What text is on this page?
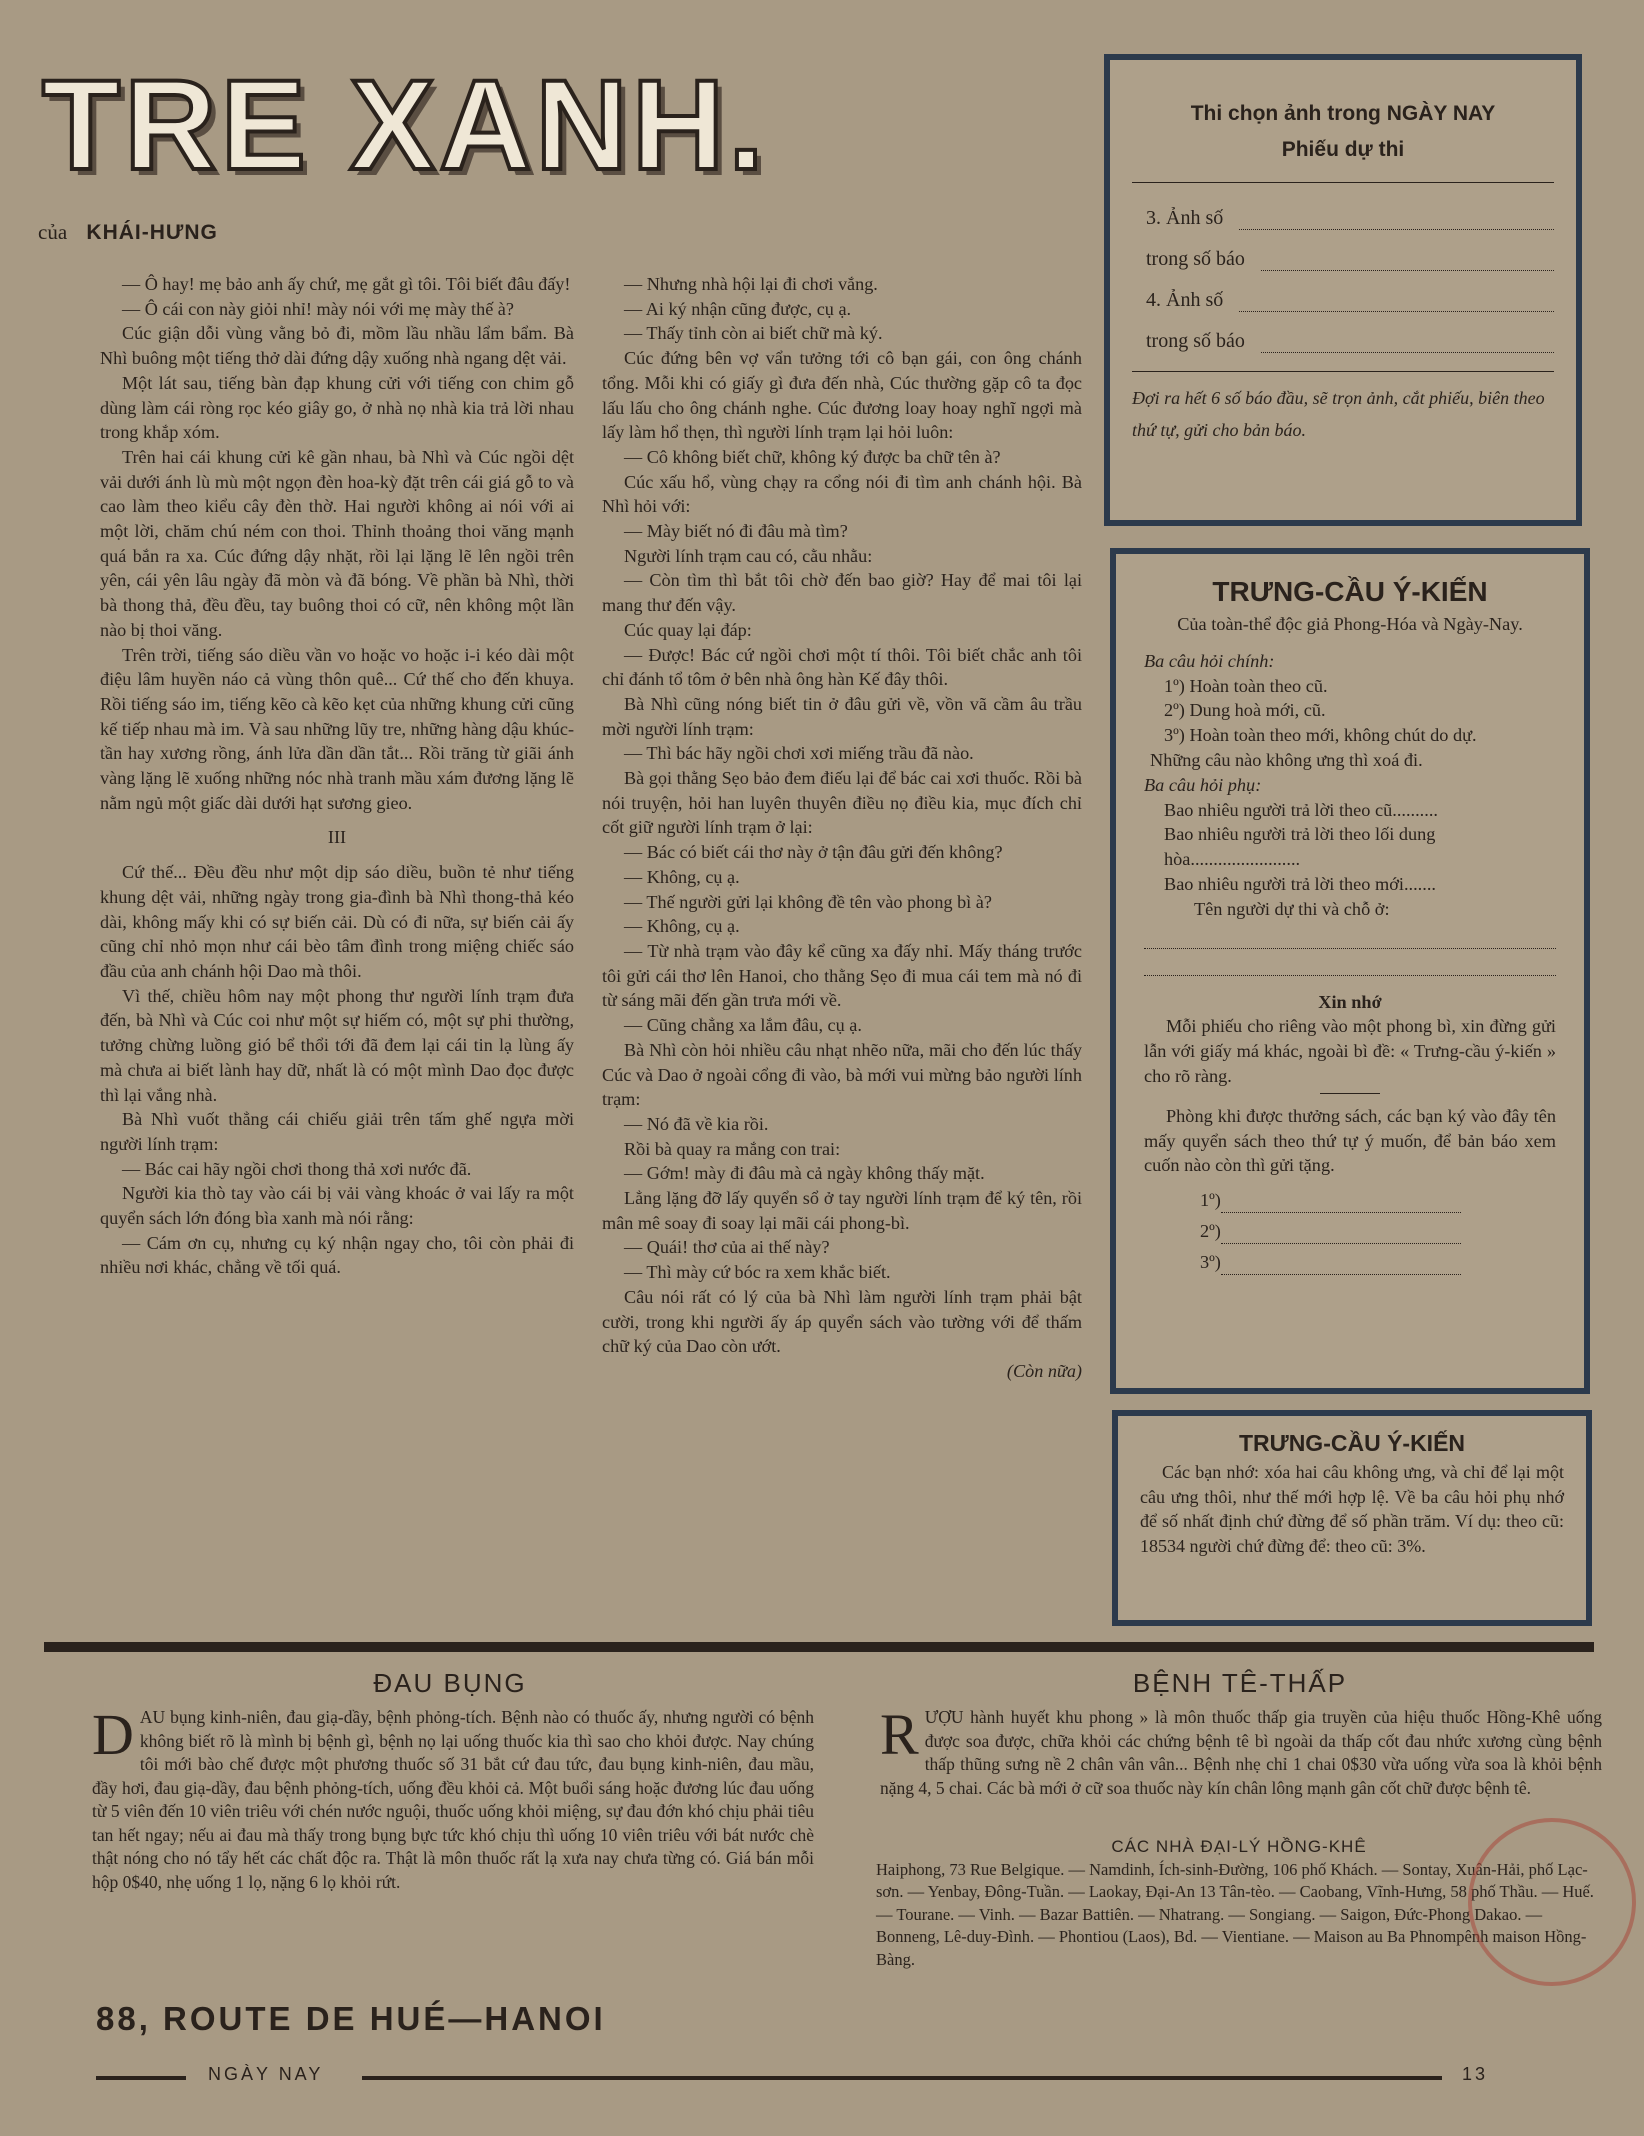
TRE XANH.
của KHÁI-HƯNG

— Ô hay! mẹ bảo anh ấy chứ, mẹ gắt gì tôi. Tôi biết đâu đấy!

— Ô cái con này giỏi nhỉ! mày nói với mẹ mày thế à?

Cúc giận dỗi vùng vằng bỏ đi, mồm lầu nhầu lẩm bẩm. Bà Nhì buông một tiếng thở dài đứng dậy xuống nhà ngang dệt vải.

Một lát sau, tiếng bàn đạp khung cửi với tiếng con chim gỗ dùng làm cái ròng rọc kéo giây go, ở nhà nọ nhà kia trả lời nhau trong khắp xóm.

Trên hai cái khung cửi kê gần nhau, bà Nhì và Cúc ngồi dệt vải dưới ánh lù mù một ngọn đèn hoa-kỳ đặt trên cái giá gỗ to và cao làm theo kiểu cây đèn thờ. Hai người không ai nói với ai một lời, chăm chú ném con thoi. Thỉnh thoảng thoi văng mạnh quá bắn ra xa. Cúc đứng dậy nhặt, rồi lại lặng lẽ lên ngồi trên yên, cái yên lâu ngày đã mòn và đã bóng. Về phần bà Nhì, thời bà thong thả, đều đều, tay buông thoi có cữ, nên không một lần nào bị thoi văng.

Trên trời, tiếng sáo diều vần vo hoặc vo hoặc i-i kéo dài một điệu lâm huyền náo cả vùng thôn quê... Cứ thế cho đến khuya. Rồi tiếng sáo im, tiếng kẽo cà kẽo kẹt của những khung cửi cũng kế tiếp nhau mà im. Và sau những lũy tre, những hàng dậu khúc-tần hay xương rồng, ánh lửa dần dần tắt... Rồi trăng từ giãi ánh vàng lặng lẽ xuống những nóc nhà tranh mầu xám đương lặng lẽ nằm ngủ một giấc dài dưới hạt sương gieo.

III

Cứ thế... Đều đều như một dịp sáo diều, buồn tẻ như tiếng khung dệt vải, những ngày trong gia-đình bà Nhì thong-thả kéo dài, không mấy khi có sự biến cải. Dù có đi nữa, sự biến cải ấy cũng chỉ nhỏ mọn như cái bèo tâm đình trong miệng chiếc sáo đầu của anh chánh hội Dao mà thôi.

Vì thế, chiều hôm nay một phong thư người lính trạm đưa đến, bà Nhì và Cúc coi như một sự hiếm có, một sự phi thường, tưởng chừng luồng gió bể thổi tới đã đem lại cái tin lạ lùng ấy mà chưa ai biết lành hay dữ, nhất là có một mình Dao đọc được thì lại vắng nhà.

Bà Nhì vuốt thẳng cái chiếu giải trên tấm ghế ngựa mời người lính trạm:

— Bác cai hãy ngồi chơi thong thả xơi nước đã.

Người kia thò tay vào cái bị vải vàng khoác ở vai lấy ra một quyển sách lớn đóng bìa xanh mà nói rằng:

— Cám ơn cụ, nhưng cụ ký nhận ngay cho, tôi còn phải đi nhiều nơi khác, chẳng về tối quá.

— Nhưng nhà hội lại đi chơi vắng.

— Ai ký nhận cũng được, cụ ạ.

— Thấy tỉnh còn ai biết chữ mà ký.

Cúc đứng bên vợ vẩn tưởng tới cô bạn gái, con ông chánh tổng. Mỗi khi có giấy gì đưa đến nhà, Cúc thường gặp cô ta đọc lấu lấu cho ông chánh nghe. Cúc đương loay hoay nghĩ ngợi mà lấy làm hổ thẹn, thì người lính trạm lại hỏi luôn:

— Cô không biết chữ, không ký được ba chữ tên à?

Cúc xấu hổ, vùng chạy ra cổng nói đi tìm anh chánh hội. Bà Nhì hỏi với:

— Mày biết nó đi đâu mà tìm?

Người lính trạm cau có, cằu nhằu:

— Còn tìm thì bắt tôi chờ đến bao giờ? Hay để mai tôi lại mang thư đến vậy.

Cúc quay lại đáp:

— Được! Bác cứ ngồi chơi một tí thôi. Tôi biết chắc anh tôi chỉ đánh tổ tôm ở bên nhà ông hàn Kế đây thôi.

Bà Nhì cũng nóng biết tin ở đâu gửi về, vồn vã cầm âu trầu mời người lính trạm:

— Thì bác hãy ngồi chơi xơi miếng trầu đã nào.

Bà gọi thằng Sẹo bảo đem điếu lại để bác cai xơi thuốc. Rồi bà nói truyện, hỏi han luyên thuyên điều nọ điều kia, mục đích chỉ cốt giữ người lính trạm ở lại:

— Bác có biết cái thơ này ở tận đâu gửi đến không?

— Không, cụ ạ.

— Thế người gửi lại không đề tên vào phong bì à?

— Không, cụ ạ.

— Từ nhà trạm vào đây kể cũng xa đấy nhỉ. Mấy tháng trước tôi gửi cái thơ lên Hanoi, cho thằng Sẹo đi mua cái tem mà nó đi từ sáng mãi đến gần trưa mới về.

— Cũng chẳng xa lắm đâu, cụ ạ.

Bà Nhì còn hỏi nhiều câu nhạt nhẽo nữa, mãi cho đến lúc thấy Cúc và Dao ở ngoài cổng đi vào, bà mới vui mừng bảo người lính trạm:

— Nó đã về kia rồi.

Rồi bà quay ra mắng con trai:

— Gớm! mày đi đâu mà cả ngày không thấy mặt.

Lẳng lặng đỡ lấy quyển sổ ở tay người lính trạm để ký tên, rồi mân mê soay đi soay lại mãi cái phong-bì.

— Quái! thơ của ai thế này?

— Thì mày cứ bóc ra xem khắc biết.

Câu nói rất có lý của bà Nhì làm người lính trạm phải bật cười, trong khi người ấy áp quyển sách vào tường với để thấm chữ ký của Dao còn ướt.

(Còn nữa)

Thi chọn ảnh trong NGÀY NAY
Phiếu dự thi
3. Ảnh số
trong số báo
4. Ảnh số
trong số báo
Đợi ra hết 6 số báo đầu, sẽ trọn ảnh, cắt phiếu, biên theo thứ tự, gửi cho bản báo.
TRƯNG-CẦU Ý-KIẾN

Của toàn-thể độc giả Phong-Hóa và Ngày-Nay.

Ba câu hỏi chính:

1º) Hoàn toàn theo cũ.

2º) Dung hoà mới, cũ.

3º) Hoàn toàn theo mới, không chút do dự.

Những câu nào không ưng thì xoá đi.

Ba câu hỏi phụ:

Bao nhiêu người trả lời theo cũ..........

Bao nhiêu người trả lời theo lối dung hòa........................

Bao nhiêu người trả lời theo mới.......

Tên người dự thi và chỗ ở:

Xin nhớ

Mỗi phiếu cho riêng vào một phong bì, xin đừng gửi lẫn với giấy má khác, ngoài bì đề: « Trưng-cầu ý-kiến » cho rõ ràng.

Phòng khi được thưởng sách, các bạn ký vào đây tên mấy quyển sách theo thứ tự ý muốn, để bản báo xem cuốn nào còn thì gửi tặng.

1º)
2º)
3º)
TRƯNG-CẦU Ý-KIẾN
Các bạn nhớ: xóa hai câu không ưng, và chỉ để lại một câu ưng thôi, như thế mới hợp lệ. Về ba câu hỏi phụ nhớ để số nhất định chứ đừng để số phần trăm. Ví dụ: theo cũ: 18534 người chứ đừng để: theo cũ: 3%.
ĐAU BỤNG
DAU bụng kinh-niên, đau giạ-dầy, bệnh phỏng-tích. Bệnh nào có thuốc ấy, nhưng người có bệnh không biết rõ là mình bị bệnh gì, bệnh nọ lại uống thuốc kia thì sao cho khỏi được. Nay chúng tôi mới bào chế được một phương thuốc số 31 bắt cứ đau tức, đau bụng kinh-niên, đau mầu, đầy hơi, đau giạ-dầy, đau bệnh phỏng-tích, uống đều khỏi cả. Một buổi sáng hoặc đương lúc đau uống từ 5 viên đến 10 viên triêu với chén nước nguội, thuốc uống khỏi miệng, sự đau đớn khó chịu phải tiêu tan hết ngay; nếu ai đau mà thấy trong bụng bực tức khó chịu thì uống 10 viên triêu với bát nước chè thật nóng cho nó tẩy hết các chất độc ra. Thật là môn thuốc rất lạ xưa nay chưa từng có. Giá bán mỗi hộp 0$40, nhẹ uống 1 lọ, nặng 6 lọ khỏi rứt.
88, ROUTE DE HUÉ—HANOI
BỆNH TÊ-THẤP
RƯỢU hành huyết khu phong » là môn thuốc thấp gia truyền của hiệu thuốc Hồng-Khê uống được soa được, chữa khỏi các chứng bệnh tê bì ngoài da thấp cốt đau nhức xương cùng bệnh thấp thũng sưng nề 2 chân vân vân... Bệnh nhẹ chỉ 1 chai 0$30 vừa uống vừa soa là khỏi bệnh nặng 4, 5 chai. Các bà mới ở cữ soa thuốc này kín chân lông mạnh gân cốt chữ được bệnh tê.
CÁC NHÀ ĐẠI-LÝ HỒNG-KHÊ
Haiphong, 73 Rue Belgique. — Namdinh, Ích-sinh-Đường, 106 phố Khách. — Sontay, Xuân-Hải, phố Lạc-sơn. — Yenbay, Đông-Tuần. — Laokay, Đại-An 13 Tân-tèo. — Caobang, Vĩnh-Hưng, 58 phố Thầu. — Huế. — Tourane. — Vinh. — Bazar Battiên. — Nhatrang. — Songiang. — Saigon, Đức-Phong Dakao. — Bonneng, Lê-duy-Đình. — Phontiou (Laos), Bd. — Vientiane. — Maison au Ba Phnompênh maison Hồng-Bàng.
NGÀY NAY	13
